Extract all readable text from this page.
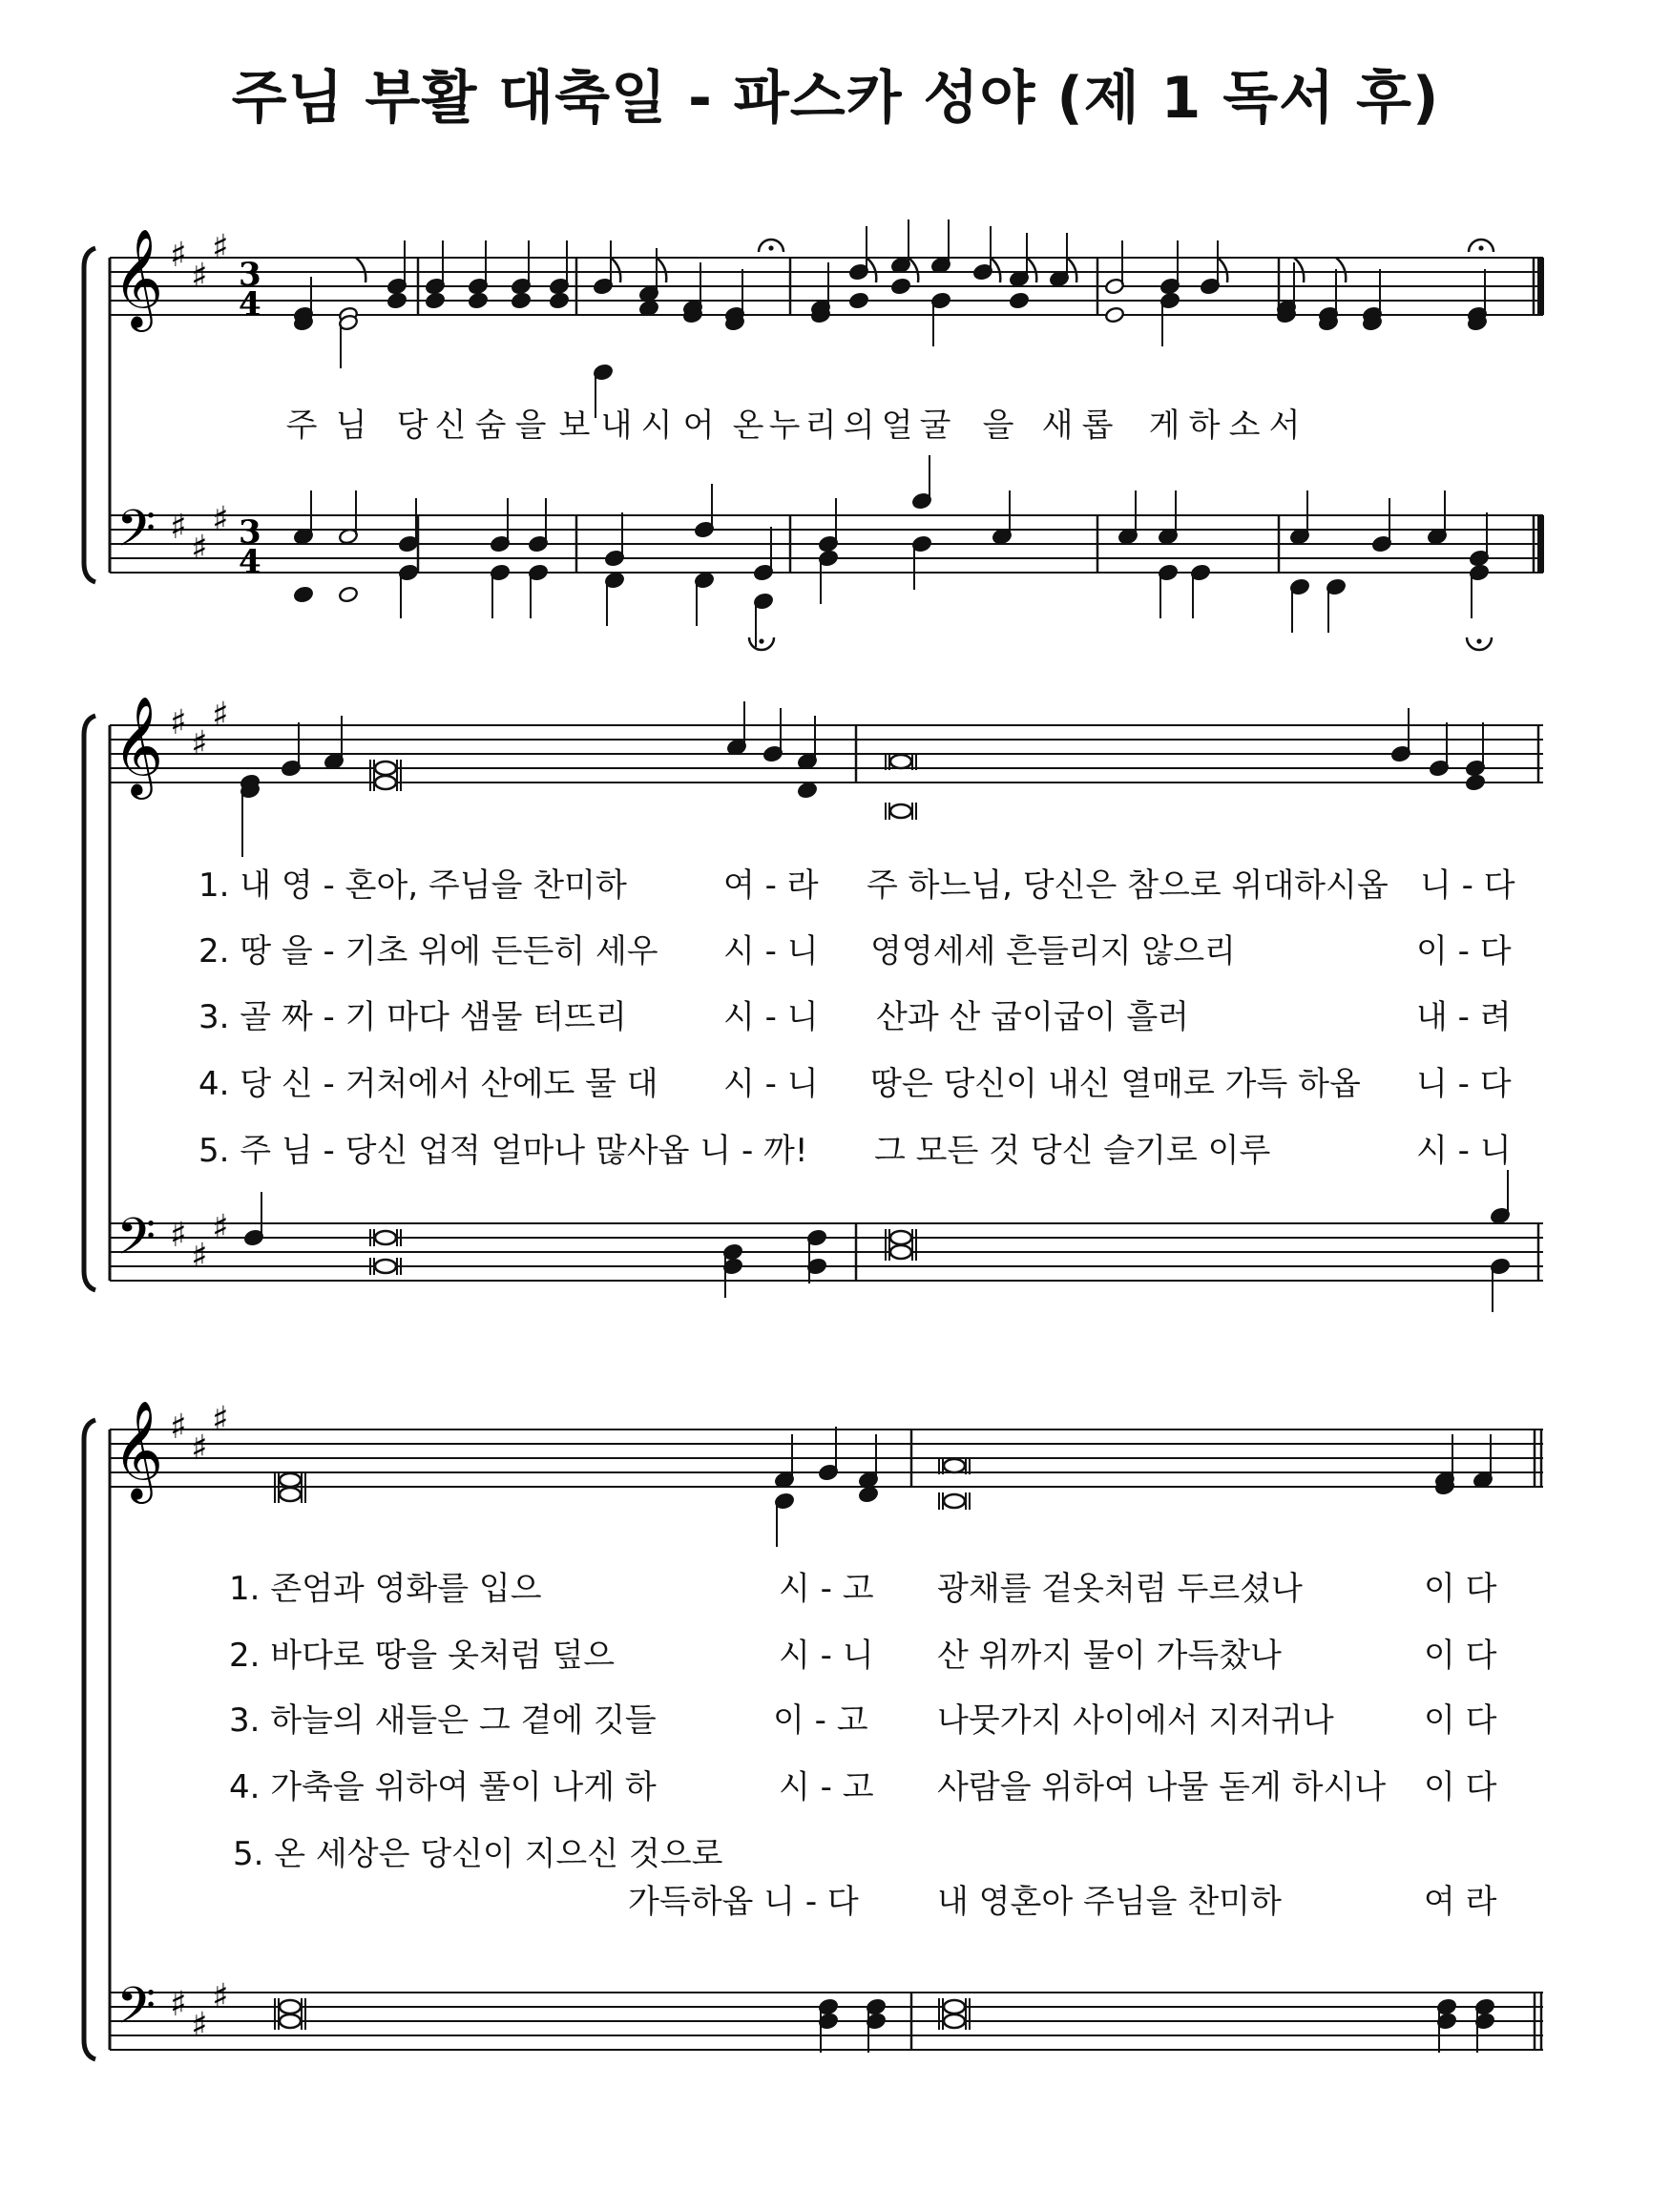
주님 부활 대축일 - 파스카 성야 (제 1 독서 후)
𝄞
𝄢
♯
♯
♯
♯
♯
♯
3
4
3
4
𝄞
𝄢
♯
♯
♯
♯
♯
♯
𝄞
𝄢
♯
♯
♯
♯
♯
♯
주 님 당 신 숨 을 보 내 시 어 온 누 리 의 얼 굴 을 새 롭 게 하 소 서
1. 내 영 - 혼아, 주님을 찬미하	여 - 라 주 하느님, 당신은 참으로 위대하시옵 니 - 다
2. 땅 을 - 기초 위에 든든히 세우 시 - 니 영영세세 흔들리지 않으리	이 - 다
3. 골 짜 - 기 마다 샘물 터뜨리	시 - 니 산과 산 굽이굽이 흘러	내 - 려
4. 당 신 - 거처에서 산에도 물 대 시 - 니 땅은 당신이 내신 열매로 가득 하옵 니 - 다
5. 주 님 - 당신 업적 얼마나 많사옵 니 - 까! 그 모든 것 당신 슬기로 이루	시 - 니
1. 존엄과 영화를 입으	시 - 고 광채를 겉옷처럼 두르셨나	이 다
2. 바다로 땅을 옷처럼 덮으	시 - 니 산 위까지 물이 가득찼나	이 다
3. 하늘의 새들은 그 곁에 깃들	이 - 고 나뭇가지 사이에서 지저귀나	이 다
4. 가축을 위하여 풀이 나게 하	시 - 고 사람을 위하여 나물 돋게 하시나 이 다
5. 온 세상은 당신이 지으신 것으로
가득하옵 니 - 다 내 영혼아 주님을 찬미하	여 라
